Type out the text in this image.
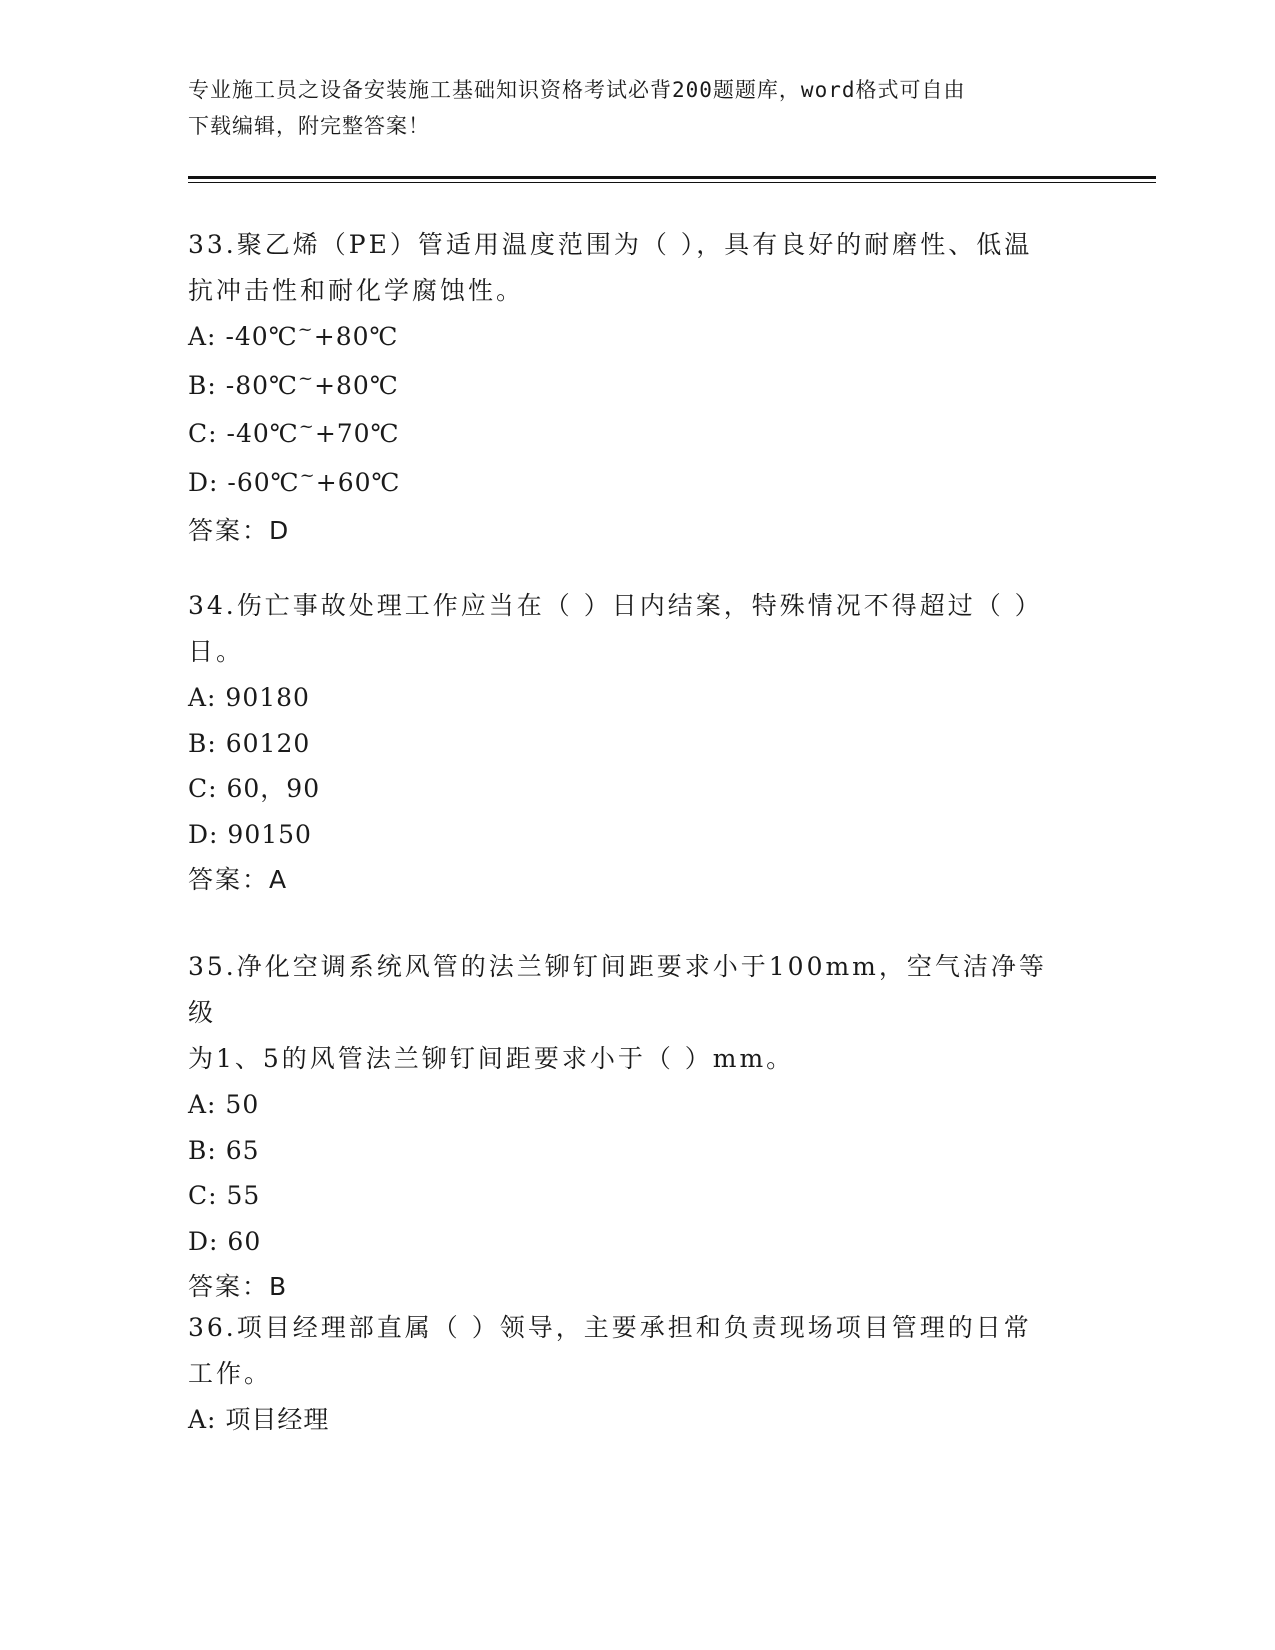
专业施工员之设备安装施工基础知识资格考试必背200题题库，word格式可自由
下载编辑，附完整答案！
33.聚乙烯（PE）管适用温度范围为（ ），具有良好的耐磨性、低温
抗冲击性和耐化学腐蚀性。
A: -40℃~+80℃
B: -80℃~+80℃
C: -40℃~+70℃
D: -60℃~+60℃
答案：D
34.伤亡事故处理工作应当在（ ）日内结案，特殊情况不得超过（ ）
日。
A: 90180
B: 60120
C: 60，90
D: 90150
答案：A
35.净化空调系统风管的法兰铆钉间距要求小于100mm，空气洁净等级
为1、5的风管法兰铆钉间距要求小于（ ）mm。
A: 50
B: 65
C: 55
D: 60
答案：B
36.项目经理部直属（ ）领导，主要承担和负责现场项目管理的日常
工作。
A: 项目经理
